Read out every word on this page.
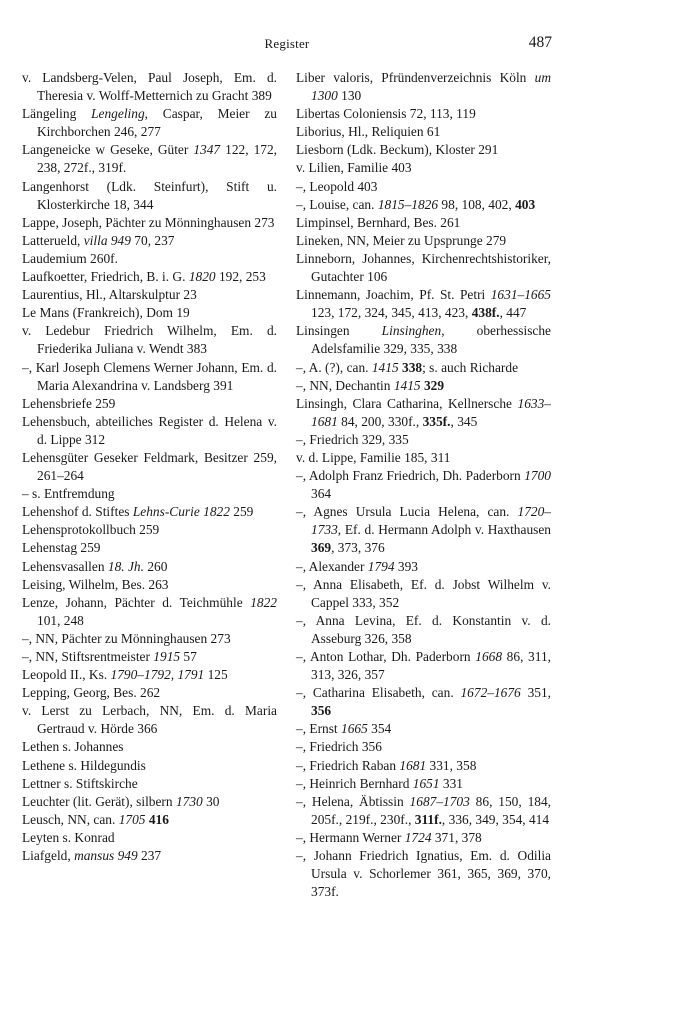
Register	487
v. Landsberg-Velen, Paul Joseph, Em. d. Theresia v. Wolff-Metternich zu Gracht 389
Längeling Lengeling, Caspar, Meier zu Kirchborchen 246, 277
Langeneicke w Geseke, Güter 1347 122, 172, 238, 272f., 319f.
Langenhorst (Ldk. Steinfurt), Stift u. Klosterkirche 18, 344
Lappe, Joseph, Pächter zu Mönninghausen 273
Latterueld, villa 949 70, 237
Laudemium 260f.
Laufkoetter, Friedrich, B. i. G. 1820 192, 253
Laurentius, Hl., Altarskulptur 23
Le Mans (Frankreich), Dom 19
v. Ledebur Friedrich Wilhelm, Em. d. Friederika Juliana v. Wendt 383
–, Karl Joseph Clemens Werner Johann, Em. d. Maria Alexandrina v. Landsberg 391
Lehensbriefe 259
Lehensbuch, abteiliches Register d. Helena v. d. Lippe 312
Lehensgüter Geseker Feldmark, Besitzer 259, 261–264
– s. Entfremdung
Lehenshof d. Stiftes Lehns-Curie 1822 259
Lehensprotokollbuch 259
Lehenstag 259
Lehensvasallen 18. Jh. 260
Leising, Wilhelm, Bes. 263
Lenze, Johann, Pächter d. Teichmühle 1822 101, 248
–, NN, Pächter zu Mönninghausen 273
–, NN, Stiftsrentmeister 1915 57
Leopold II., Ks. 1790–1792, 1791 125
Lepping, Georg, Bes. 262
v. Lerst zu Lerbach, NN, Em. d. Maria Gertraud v. Hörde 366
Lethen s. Johannes
Lethene s. Hildegundis
Lettner s. Stiftskirche
Leuchter (lit. Gerät), silbern 1730 30
Leusch, NN, can. 1705 416
Leyten s. Konrad
Liafgeld, mansus 949 237
Liber valoris, Pfründenverzeichnis Köln um 1300 130
Libertas Coloniensis 72, 113, 119
Liborius, Hl., Reliquien 61
Liesborn (Ldk. Beckum), Kloster 291
v. Lilien, Familie 403
–, Leopold 403
–, Louise, can. 1815–1826 98, 108, 402, 403
Limpinsel, Bernhard, Bes. 261
Lineken, NN, Meier zu Upsprunge 279
Linneborn, Johannes, Kirchenrechtshistoriker, Gutachter 106
Linnemann, Joachim, Pf. St. Petri 1631–1665 123, 172, 324, 345, 413, 423, 438f., 447
Linsingen Linsinghen, oberhessische Adelsfamilie 329, 335, 338
–, A. (?), can. 1415 338; s. auch Richarde
–, NN, Dechantin 1415 329
Linsingh, Clara Catharina, Kellnersche 1633–1681 84, 200, 330f., 335f., 345
–, Friedrich 329, 335
v. d. Lippe, Familie 185, 311
–, Adolph Franz Friedrich, Dh. Paderborn 1700 364
–, Agnes Ursula Lucia Helena, can. 1720–1733, Ef. d. Hermann Adolph v. Haxthausen 369, 373, 376
–, Alexander 1794 393
–, Anna Elisabeth, Ef. d. Jobst Wilhelm v. Cappel 333, 352
–, Anna Levina, Ef. d. Konstantin v. d. Asseburg 326, 358
–, Anton Lothar, Dh. Paderborn 1668 86, 311, 313, 326, 357
–, Catharina Elisabeth, can. 1672–1676 351, 356
–, Ernst 1665 354
–, Friedrich 356
–, Friedrich Raban 1681 331, 358
–, Heinrich Bernhard 1651 331
–, Helena, Äbtissin 1687–1703 86, 150, 184, 205f., 219f., 230f., 311f., 336, 349, 354, 414
–, Hermann Werner 1724 371, 378
–, Johann Friedrich Ignatius, Em. d. Odilia Ursula v. Schorlemer 361, 365, 369, 370, 373f.
